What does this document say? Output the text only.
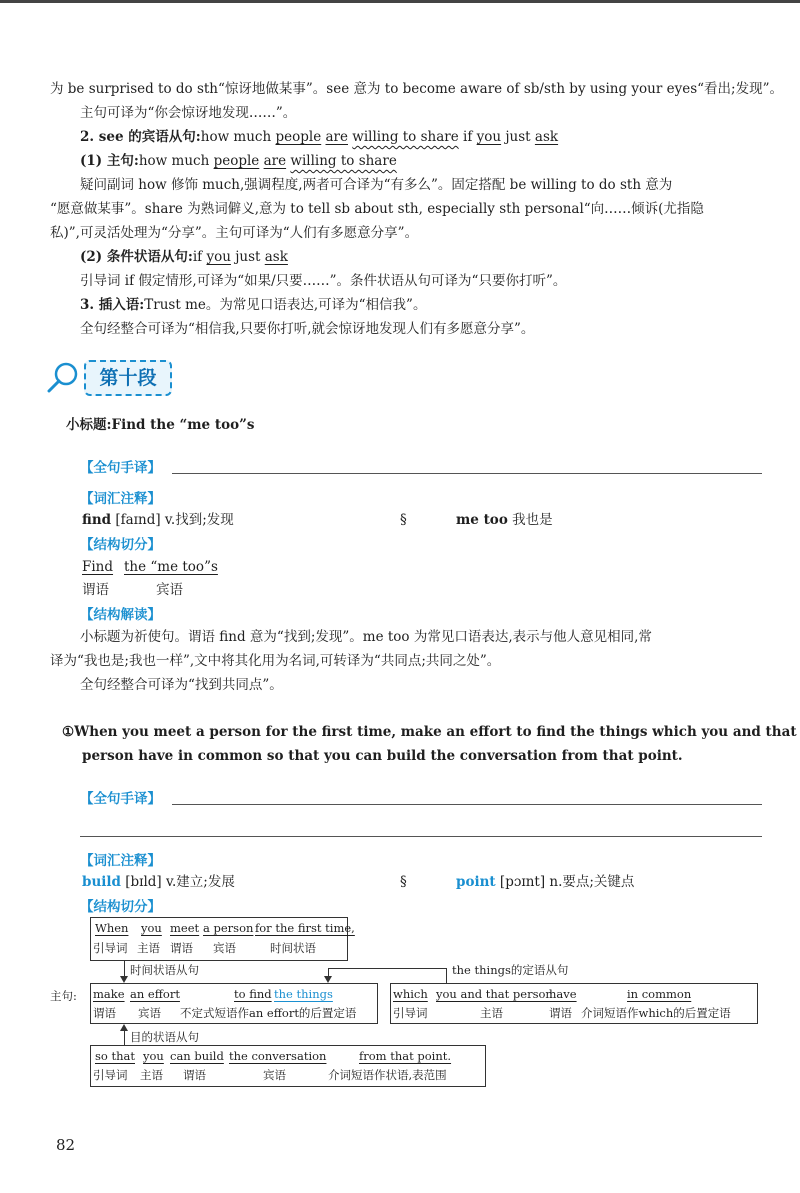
为 be surprised to do sth“惊讶地做某事”。see 意为 to become aware of sb/sth by using your eyes“看出;发现”。
主句可译为“你会惊讶地发现……”。
2. see 的宾语从句:how much people are willing to share if you just ask
(1) 主句:how much people are willing to share
疑问副词 how 修饰 much,强调程度,两者可合译为“有多么”。固定搭配 be willing to do sth 意为
“愿意做某事”。share 为熟词僻义,意为 to tell sb about sth, especially sth personal“向……倾诉(尤指隐
私)”,可灵活处理为“分享”。主句可译为“人们有多愿意分享”。
(2) 条件状语从句:if you just ask
引导词 if 假定情形,可译为“如果/只要……”。条件状语从句可译为“只要你打听”。
3. 插入语:Trust me。为常见口语表达,可译为“相信我”。
全句经整合可译为“相信我,只要你打听,就会惊讶地发现人们有多愿意分享”。
第十段
小标题:Find the “me too”s
【全句手译】
【词汇注释】
find [faɪnd] v.找到;发现	§	me too 我也是
【结构切分】
Find the “me too”s
谓语	宾语
【结构解读】
小标题为祈使句。谓语 find 意为“找到;发现”。me too 为常见口语表达,表示与他人意见相同,常
译为“我也是;我也一样”,文中将其化用为名词,可转译为“共同点;共同之处”。
全句经整合可译为“找到共同点”。
①When you meet a person for the first time, make an effort to find the things which you and that
person have in common so that you can build the conversation from that point.
【全句手译】
【词汇注释】
build [bɪld] v.建立;发展	§	point [pɔɪnt] n.要点;关键点
【结构切分】
When you meet a person for the first time,
引导词 主语 谓语 宾语	时间状语
时间状语从句
主句: make an effort	to find the things
谓语 宾语 不定式短语作an effort的后置定语
the things的定语从句
which you and that person
have	in common
引导词	主语	谓语 介词短语作which的后置定语
目的状语从句
so that you can build the conversation	from that point.
引导词 主语 谓语	宾语	介词短语作状语,表范围
82
